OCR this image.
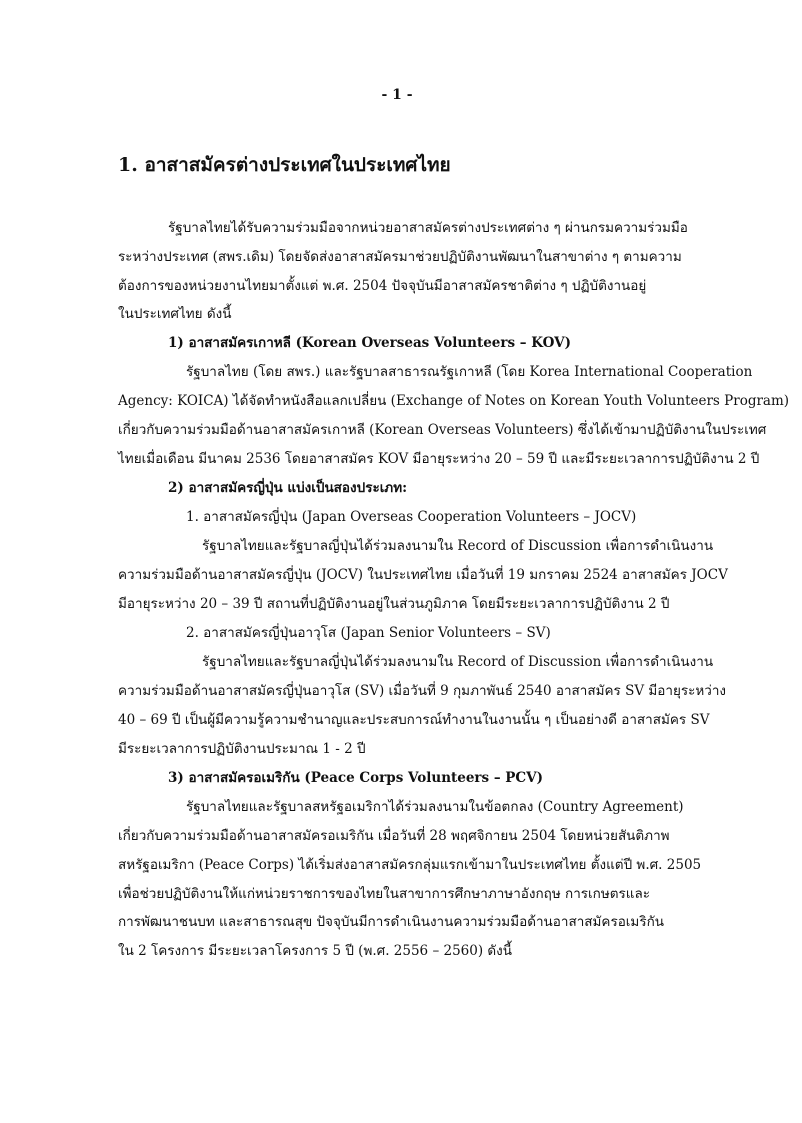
- 1 -
1. อาสาสมัครต่างประเทศในประเทศไทย
รัฐบาลไทยได้รับความร่วมมือจากหน่วยอาสาสมัครต่างประเทศต่าง ๆ ผ่านกรมความร่วมมือ
ระหว่างประเทศ (สพร.เดิม) โดยจัดส่งอาสาสมัครมาช่วยปฏิบัติงานพัฒนาในสาขาต่าง ๆ ตามความ
ต้องการของหน่วยงานไทยมาตั้งแต่ พ.ศ. 2504 ปัจจุบันมีอาสาสมัครชาติต่าง ๆ ปฏิบัติงานอยู่
ในประเทศไทย ดังนี้
1) อาสาสมัครเกาหลี (Korean Overseas Volunteers – KOV)
รัฐบาลไทย (โดย สพร.) และรัฐบาลสาธารณรัฐเกาหลี (โดย Korea International Cooperation
Agency: KOICA) ได้จัดทำหนังสือแลกเปลี่ยน (Exchange of Notes on Korean Youth Volunteers Program)
เกี่ยวกับความร่วมมือด้านอาสาสมัครเกาหลี (Korean Overseas Volunteers) ซึ่งได้เข้ามาปฏิบัติงานในประเทศ
ไทยเมื่อเดือน มีนาคม 2536 โดยอาสาสมัคร KOV มีอายุระหว่าง 20 – 59 ปี และมีระยะเวลาการปฏิบัติงาน 2 ปี
2) อาสาสมัครญี่ปุ่น แบ่งเป็นสองประเภท:
1. อาสาสมัครญี่ปุ่น (Japan Overseas Cooperation Volunteers – JOCV)
รัฐบาลไทยและรัฐบาลญี่ปุ่นได้ร่วมลงนามใน Record of Discussion เพื่อการดำเนินงาน
ความร่วมมือด้านอาสาสมัครญี่ปุ่น (JOCV) ในประเทศไทย เมื่อวันที่ 19 มกราคม 2524 อาสาสมัคร JOCV
มีอายุระหว่าง 20 – 39 ปี สถานที่ปฏิบัติงานอยู่ในส่วนภูมิภาค โดยมีระยะเวลาการปฏิบัติงาน 2 ปี
2. อาสาสมัครญี่ปุ่นอาวุโส (Japan Senior Volunteers – SV)
รัฐบาลไทยและรัฐบาลญี่ปุ่นได้ร่วมลงนามใน Record of Discussion เพื่อการดำเนินงาน
ความร่วมมือด้านอาสาสมัครญี่ปุ่นอาวุโส (SV) เมื่อวันที่ 9 กุมภาพันธ์ 2540 อาสาสมัคร SV มีอายุระหว่าง
40 – 69 ปี เป็นผู้มีความรู้ความชำนาญและประสบการณ์ทำงานในงานนั้น ๆ เป็นอย่างดี อาสาสมัคร SV
มีระยะเวลาการปฏิบัติงานประมาณ 1 - 2 ปี
3) อาสาสมัครอเมริกัน (Peace Corps Volunteers – PCV)
รัฐบาลไทยและรัฐบาลสหรัฐอเมริกาได้ร่วมลงนามในข้อตกลง (Country Agreement)
เกี่ยวกับความร่วมมือด้านอาสาสมัครอเมริกัน เมื่อวันที่ 28 พฤศจิกายน 2504 โดยหน่วยสันติภาพ
สหรัฐอเมริกา (Peace Corps) ได้เริ่มส่งอาสาสมัครกลุ่มแรกเข้ามาในประเทศไทย ตั้งแต่ปี พ.ศ. 2505
เพื่อช่วยปฏิบัติงานให้แก่หน่วยราชการของไทยในสาขาการศึกษาภาษาอังกฤษ การเกษตรและ
การพัฒนาชนบท และสาธารณสุข ปัจจุบันมีการดำเนินงานความร่วมมือด้านอาสาสมัครอเมริกัน
ใน 2 โครงการ มีระยะเวลาโครงการ 5 ปี (พ.ศ. 2556 – 2560) ดังนี้
